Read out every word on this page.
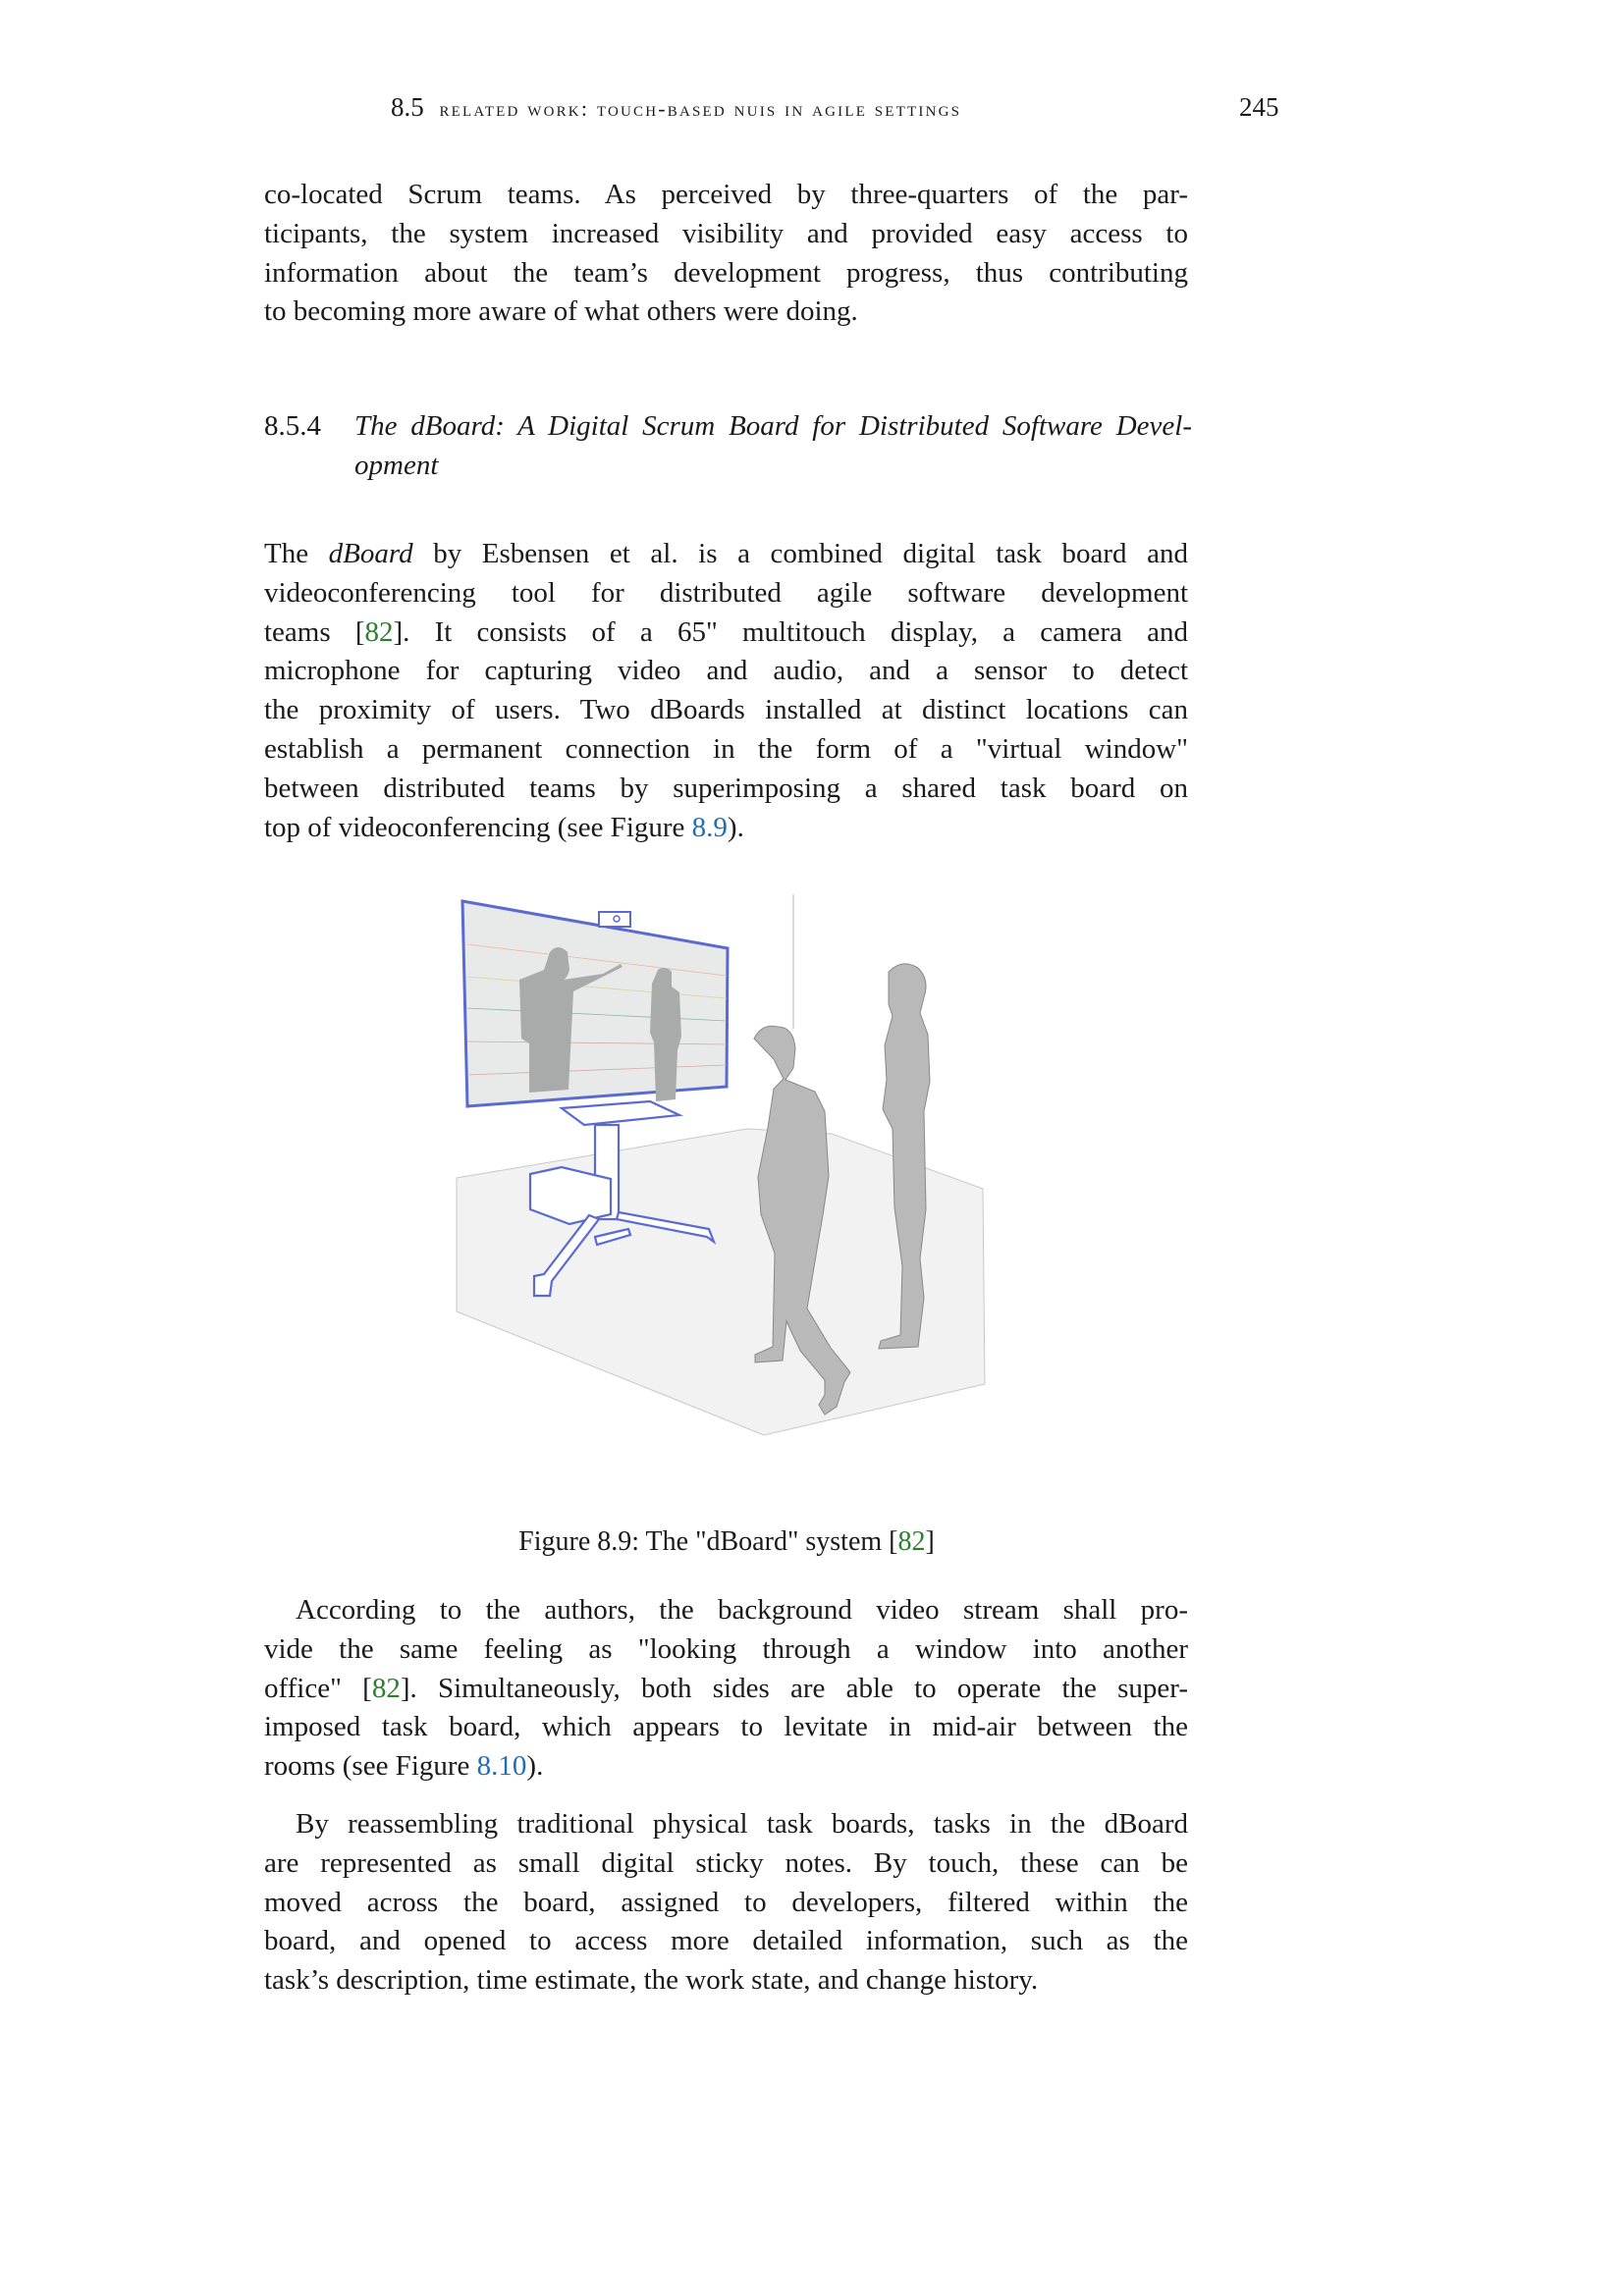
8.5 related work: touch-based nuis in agile settings	245
co-located Scrum teams. As perceived by three-quarters of the par-
ticipants, the system increased visibility and provided easy access to
information about the team’s development progress, thus contributing
to becoming more aware of what others were doing.
8.5.4 The dBoard: A Digital Scrum Board for Distributed Software Devel-
opment
The dBoard by Esbensen et al. is a combined digital task board and
videoconferencing tool for distributed agile software development
teams [82]. It consists of a 65" multitouch display, a camera and
microphone for capturing video and audio, and a sensor to detect
the proximity of users. Two dBoards installed at distinct locations can
establish a permanent connection in the form of a "virtual window"
between distributed teams by superimposing a shared task board on
top of videoconferencing (see Figure 8.9).
Figure 8.9: The "dBoard" system [82]
According to the authors, the background video stream shall pro-
vide the same feeling as "looking through a window into another
office" [82]. Simultaneously, both sides are able to operate the super-
imposed task board, which appears to levitate in mid-air between the
rooms (see Figure 8.10).
By reassembling traditional physical task boards, tasks in the dBoard
are represented as small digital sticky notes. By touch, these can be
moved across the board, assigned to developers, filtered within the
board, and opened to access more detailed information, such as the
task’s description, time estimate, the work state, and change history.
